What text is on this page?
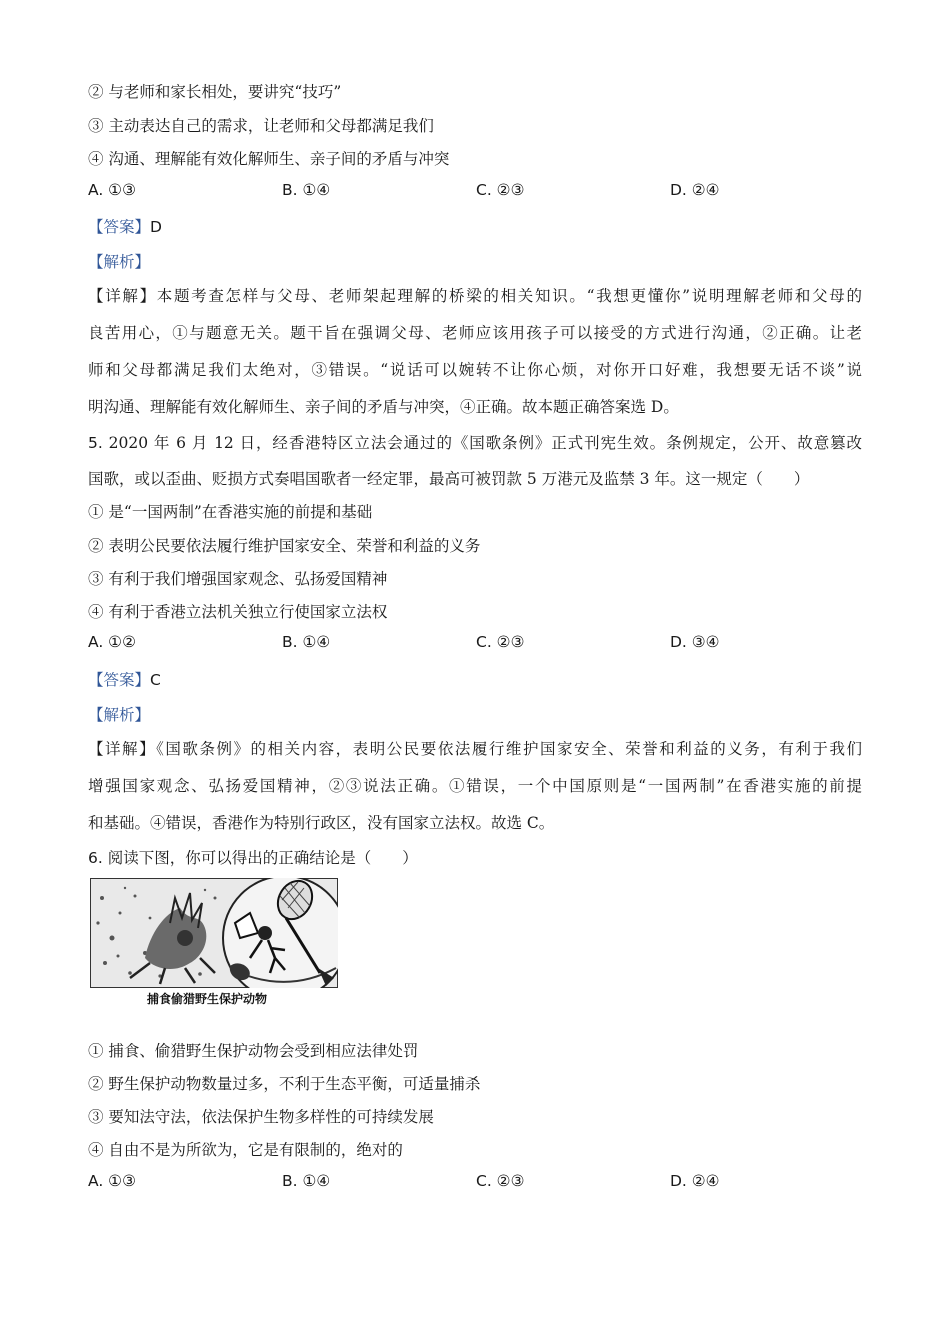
② 与老师和家长相处，要讲究“技巧”
③ 主动表达自己的需求，让老师和父母都满足我们
④ 沟通、理解能有效化解师生、亲子间的矛盾与冲突
A. ①③	B. ①④	C. ②③	D. ②④
【答案】D
【解析】
【详解】本题考查怎样与父母、老师架起理解的桥梁的相关知识。“我想更懂你”说明理解老师和父母的
良苦用心，①与题意无关。题干旨在强调父母、老师应该用孩子可以接受的方式进行沟通，②正确。让老
师和父母都满足我们太绝对，③错误。“说话可以婉转不让你心烦，对你开口好难，我想要无话不谈”说
明沟通、理解能有效化解师生、亲子间的矛盾与冲突，④正确。故本题正确答案选 D。
5. 2020 年 6 月 12 日，经香港特区立法会通过的《国歌条例》正式刊宪生效。条例规定，公开、故意篡改
国歌，或以歪曲、贬损方式奏唱国歌者一经定罪，最高可被罚款 5 万港元及监禁 3 年。这一规定（　　）
① 是“一国两制”在香港实施的前提和基础
② 表明公民要依法履行维护国家安全、荣誉和利益的义务
③ 有利于我们增强国家观念、弘扬爱国精神
④ 有利于香港立法机关独立行使国家立法权
A. ①②	B. ①④	C. ②③	D. ③④
【答案】C
【解析】
【详解】《国歌条例》的相关内容，表明公民要依法履行维护国家安全、荣誉和利益的义务，有利于我们
增强国家观念、弘扬爱国精神，②③说法正确。①错误，一个中国原则是“一国两制”在香港实施的前提
和基础。④错误，香港作为特别行政区，没有国家立法权。故选 C。
6. 阅读下图，你可以得出的正确结论是（　　）
捕食偷猎野生保护动物
① 捕食、偷猎野生保护动物会受到相应法律处罚
② 野生保护动物数量过多，不利于生态平衡，可适量捕杀
③ 要知法守法，依法保护生物多样性的可持续发展
④ 自由不是为所欲为，它是有限制的，绝对的
A. ①③	B. ①④	C. ②③	D. ②④
